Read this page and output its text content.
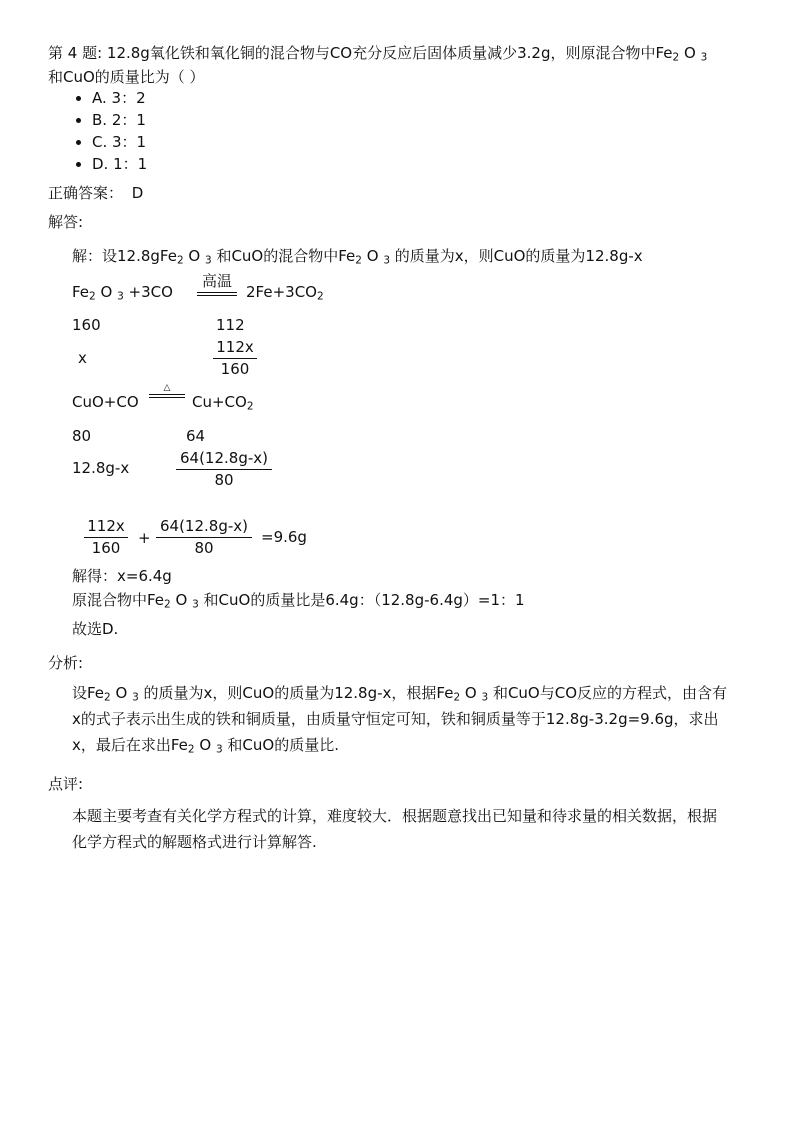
第 4 题: 12.8g氧化铁和氧化铜的混合物与CO充分反应后固体质量减少3.2g，则原混合物中$Fe_2$ O $_3$
和CuO的质量比为（ ）
• A. 3：2
• B. 2：1
• C. 3：1
• D. 1：1
正确答案： D
解答:
解：设12.8gFe$_2$ O $_3$ 和CuO的混合物中$Fe_2$ O $_3$ 的质量为x，则CuO的质量为12.8g-x
$Fe_2$ O $_3$ +3CO
高温
$2Fe+3CO_2$
160	112
x
112x
160
CuO+CO
△
$Cu+CO_2$
80	64
12.8g-x
64(12.8g-x)
80
112x
160
+
64(12.8g-x)
80
=9.6g
解得：x=6.4g
原混合物中$Fe_2$ O $_3$ 和CuO的质量比是6.4g：（12.8g-6.4g）=1：1
故选D.
分析:
设$Fe_2$ O $_3$ 的质量为x，则CuO的质量为12.8g-x，根据$Fe_2$ O $_3$ 和CuO与CO反应的方程式，由含有x的式子表示出生成的铁和铜质量，由质量守恒定可知，铁和铜质量等于12.8g-3.2g=9.6g，求出x，最后在求出$Fe_2$ O $_3$ 和CuO的质量比.
点评:
本题主要考查有关化学方程式的计算，难度较大．根据题意找出已知量和待求量的相关数据，根据化学方程式的解题格式进行计算解答.
